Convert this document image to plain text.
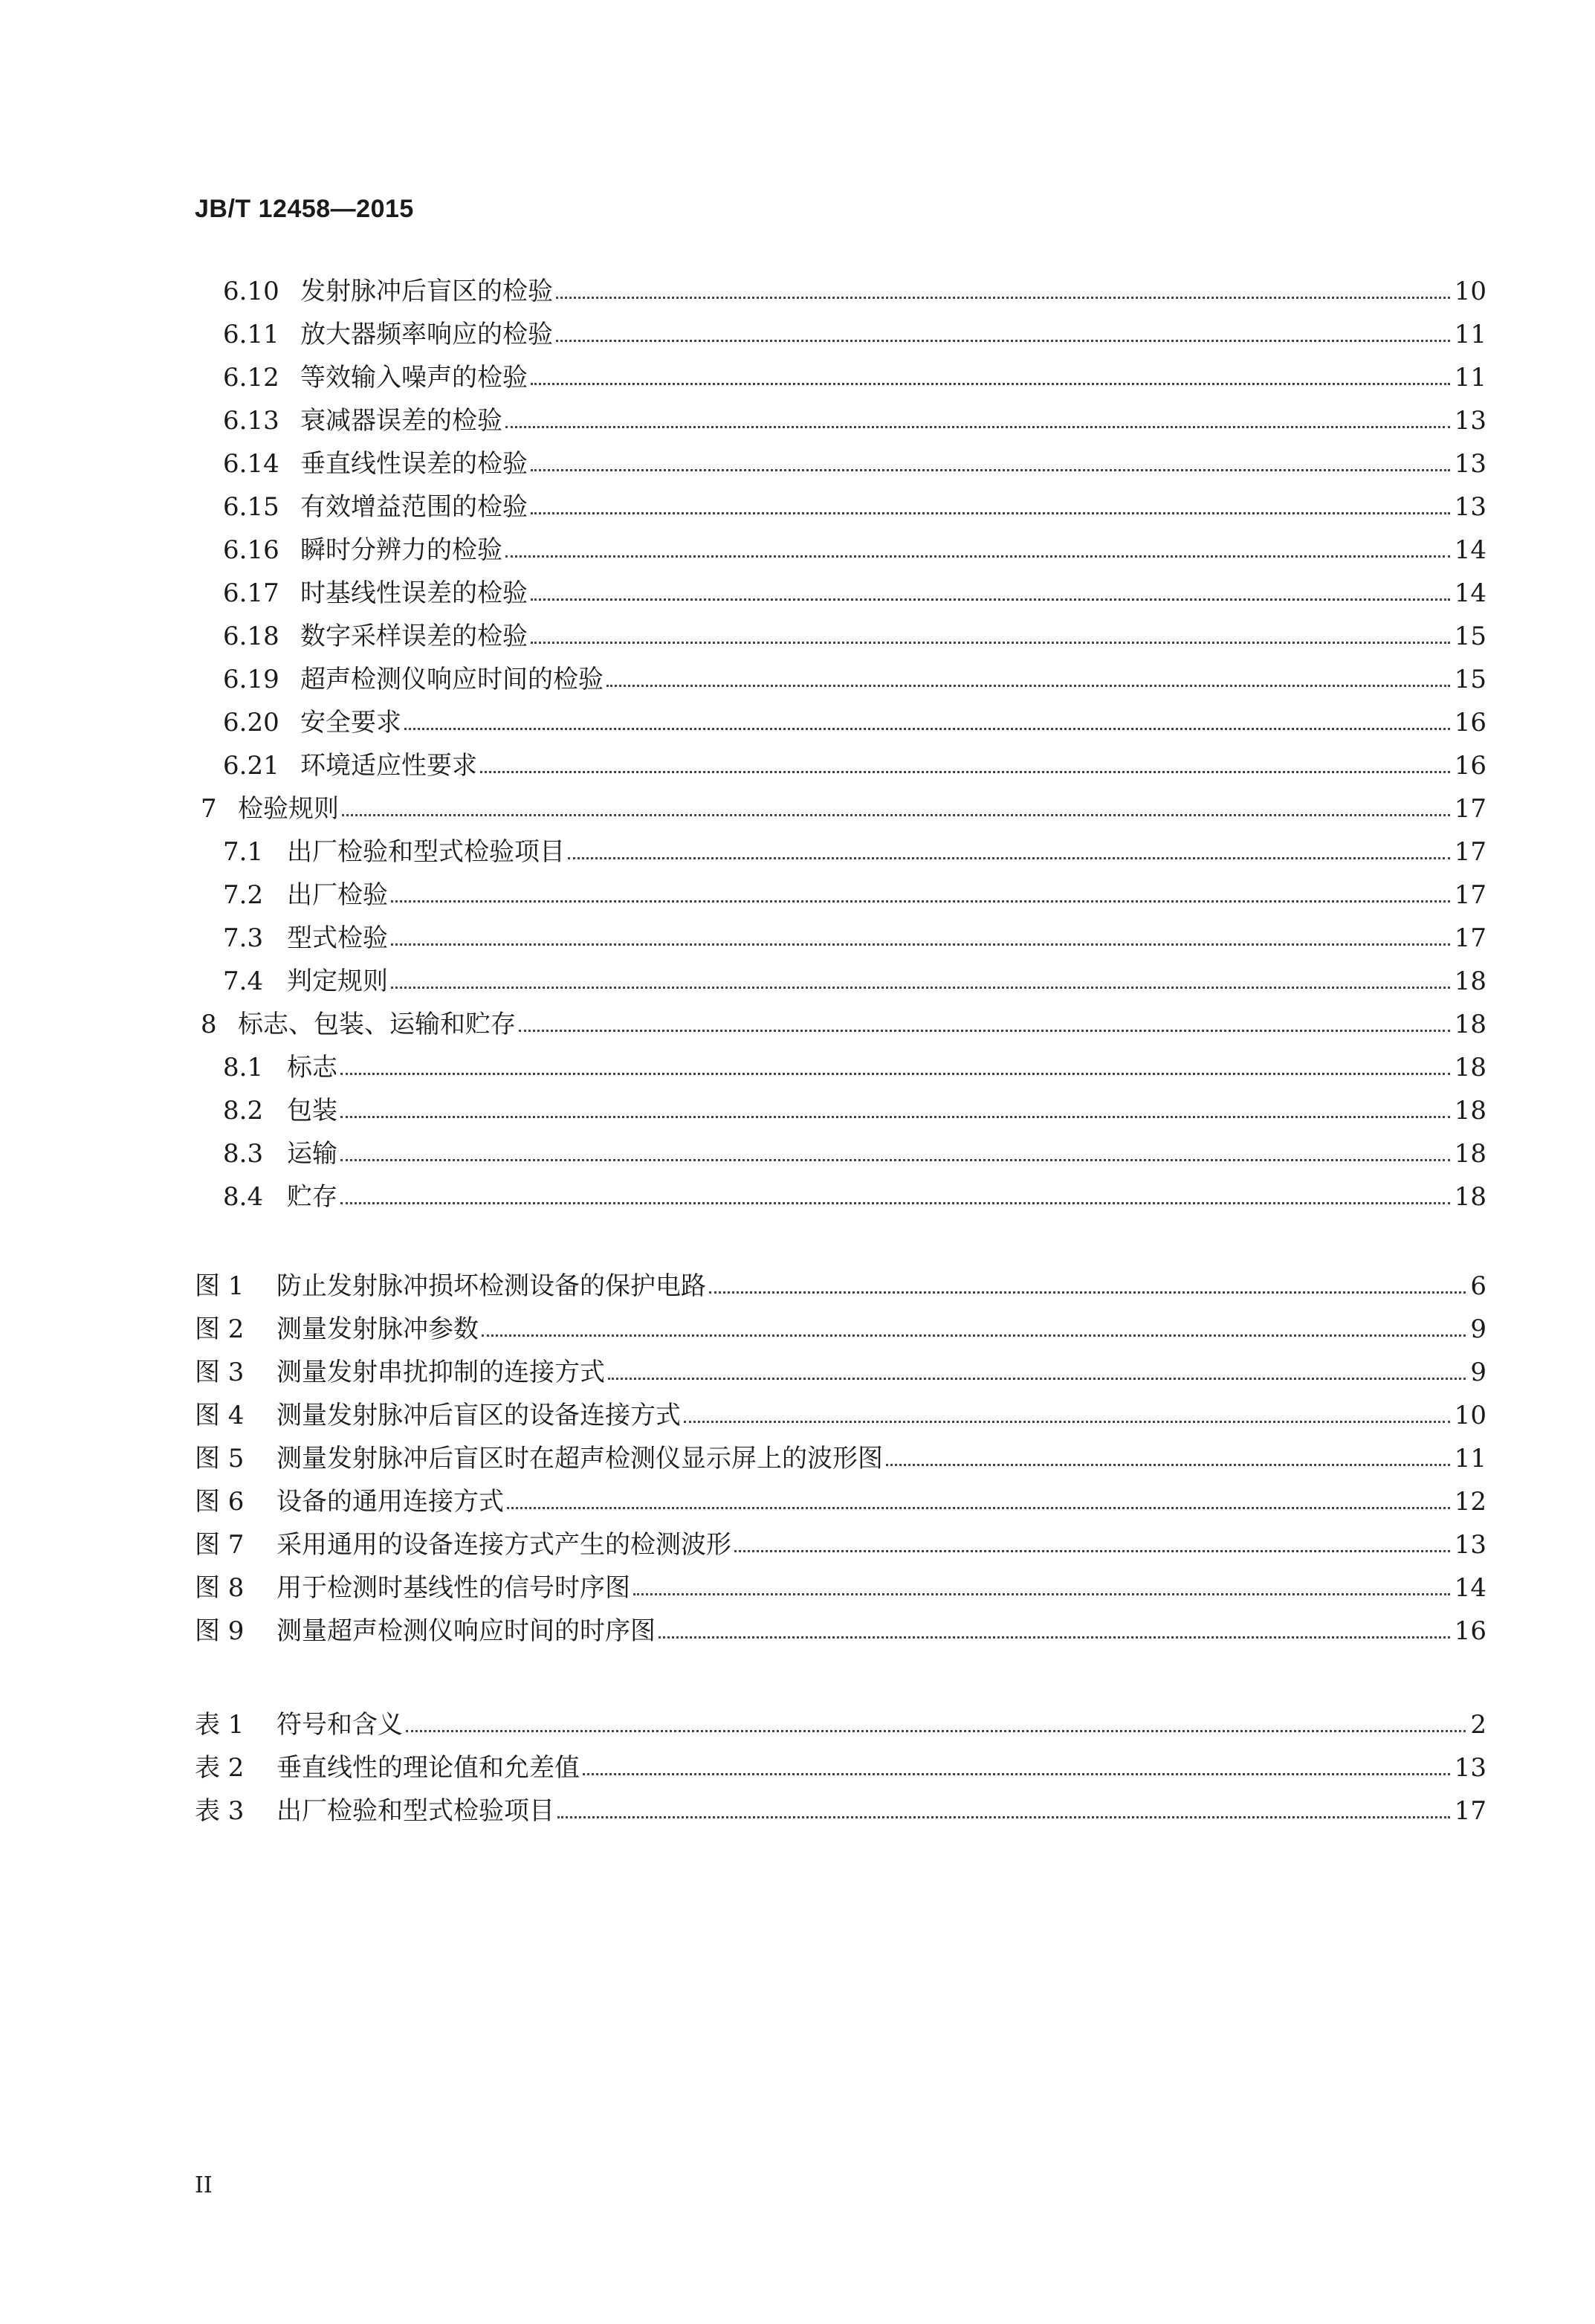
JB/T 12458—2015
6.10 发射脉冲后盲区的检验	10
6.11 放大器频率响应的检验	11
6.12 等效输入噪声的检验	11
6.13 衰减器误差的检验	13
6.14 垂直线性误差的检验	13
6.15 有效增益范围的检验	13
6.16 瞬时分辨力的检验	14
6.17 时基线性误差的检验	14
6.18 数字采样误差的检验	15
6.19 超声检测仪响应时间的检验	15
6.20 安全要求	16
6.21 环境适应性要求	16
7 检验规则	17
7.1 出厂检验和型式检验项目	17
7.2 出厂检验	17
7.3 型式检验	17
7.4 判定规则	18
8 标志、包装、运输和贮存	18
8.1 标志	18
8.2 包装	18
8.3 运输	18
8.4 贮存	18
图 1	防止发射脉冲损坏检测设备的保护电路	6
图 2	测量发射脉冲参数	9
图 3	测量发射串扰抑制的连接方式	9
图 4	测量发射脉冲后盲区的设备连接方式	10
图 5	测量发射脉冲后盲区时在超声检测仪显示屏上的波形图	11
图 6	设备的通用连接方式	12
图 7	采用通用的设备连接方式产生的检测波形	13
图 8	用于检测时基线性的信号时序图	14
图 9	测量超声检测仪响应时间的时序图	16
表 1	符号和含义	2
表 2	垂直线性的理论值和允差值	13
表 3	出厂检验和型式检验项目	17
II
